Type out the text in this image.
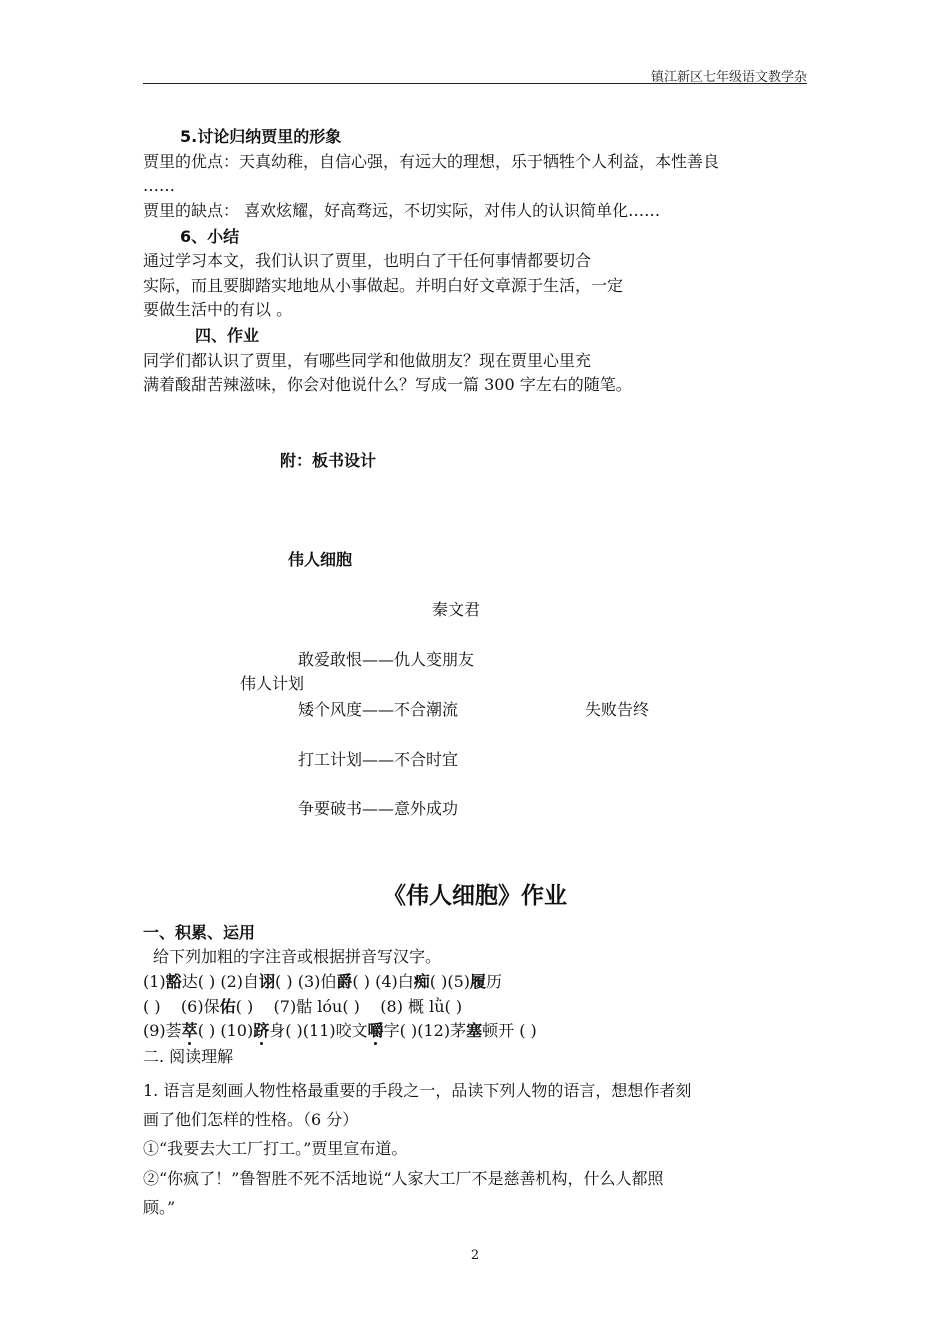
镇江新区七年级语文教学杂
5.讨论归纳贾里的形象
贾里的优点：天真幼稚，自信心强，有远大的理想，乐于牺牲个人利益，本性善良
……
贾里的缺点： 喜欢炫耀，好高骛远，不切实际，对伟人的认识简单化……
6、小结
通过学习本文，我们认识了贾里，也明白了干任何事情都要切合
实际，而且要脚踏实地地从小事做起。并明白好文章源于生活，一定
要做生活中的有以 。
四、作业
同学们都认识了贾里，有哪些同学和他做朋友？现在贾里心里充
满着酸甜苦辣滋味，你会对他说什么？写成一篇 300 字左右的随笔。
附：板书设计
伟人细胞
秦文君
敢爱敢恨——仇人变朋友
伟人计划
矮个风度——不合潮流	失败告终
打工计划——不合时宜
争要破书——意外成功
《伟人细胞》作业
一、积累、运用
给下列加粗的字注音或根据拼音写汉字。
(1)豁达( ) (2)自诩( ) (3)伯爵( ) (4)白痴( )(5)履历
( ) (6)保佑( ) (7)骷 lóu( ) (8) 概 lǜ( )
(9)荟萃( ) (10)跻身( )(11)咬文嚼字( )(12)茅塞顿开 ( )
二. 阅读理解
1. 语言是刻画人物性格最重要的手段之一，品读下列人物的语言，想想作者刻
画了他们怎样的性格。（6 分）
①“我要去大工厂打工。”贾里宣布道。
②“你疯了！”鲁智胜不死不活地说“人家大工厂不是慈善机构，什么人都照
顾。”
2
